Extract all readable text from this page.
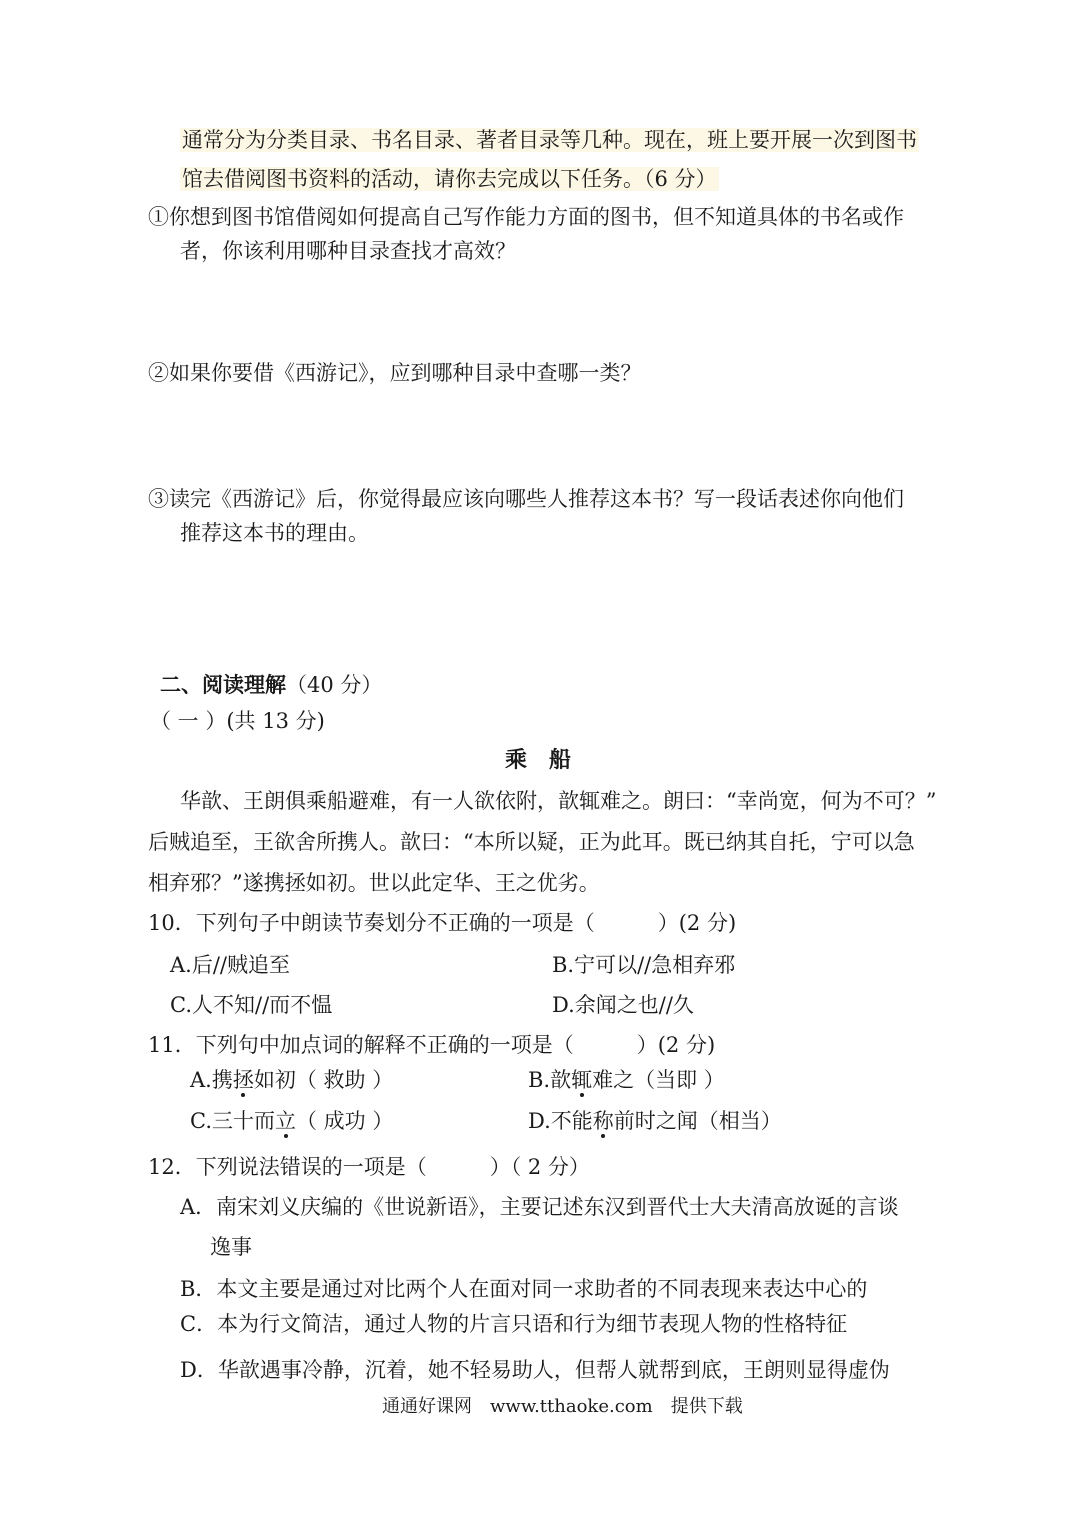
通常分为分类目录、书名目录、著者目录等几种。现在，班上要开展一次到图书
馆去借阅图书资料的活动，请你去完成以下任务。（6 分）
①你想到图书馆借阅如何提高自己写作能力方面的图书，但不知道具体的书名或作
者，你该利用哪种目录查找才高效？
②如果你要借《西游记》，应到哪种目录中查哪一类？
③读完《西游记》后，你觉得最应该向哪些人推荐这本书？写一段话表述你向他们
推荐这本书的理由。
二、阅读理解（40 分）
（ 一 ）(共 13 分)
乘　船
华歆、王朗俱乘船避难，有一人欲依附，歆辄难之。朗曰：“幸尚宽，何为不可？”
后贼追至，王欲舍所携人。歆曰：“本所以疑，正为此耳。既已纳其自托，宁可以急
相弃邪？”遂携拯如初。世以此定华、王之优劣。
10．下列句子中朗读节奏划分不正确的一项是（　　　）(2 分)
A.后//贼追至	B.宁可以//急相弃邪
C.人不知//而不愠	D.余闻之也//久
11．下列句中加点词的解释不正确的一项是（　　　）(2 分)
A.携拯如初（ 救助 ）	B.歆辄难之（当即 ）
C.三十而立（ 成功 ）	D.不能称前时之闻（相当）
12．下列说法错误的一项是（　　　）（ 2 分）
A．南宋刘义庆编的《世说新语》，主要记述东汉到晋代士大夫清高放诞的言谈
逸事
B．本文主要是通过对比两个人在面对同一求助者的不同表现来表达中心的
C．本为行文简洁，通过人物的片言只语和行为细节表现人物的性格特征
D．华歆遇事冷静，沉着，她不轻易助人，但帮人就帮到底，王朗则显得虚伪
通通好课网　www.tthaoke.com　提供下载
